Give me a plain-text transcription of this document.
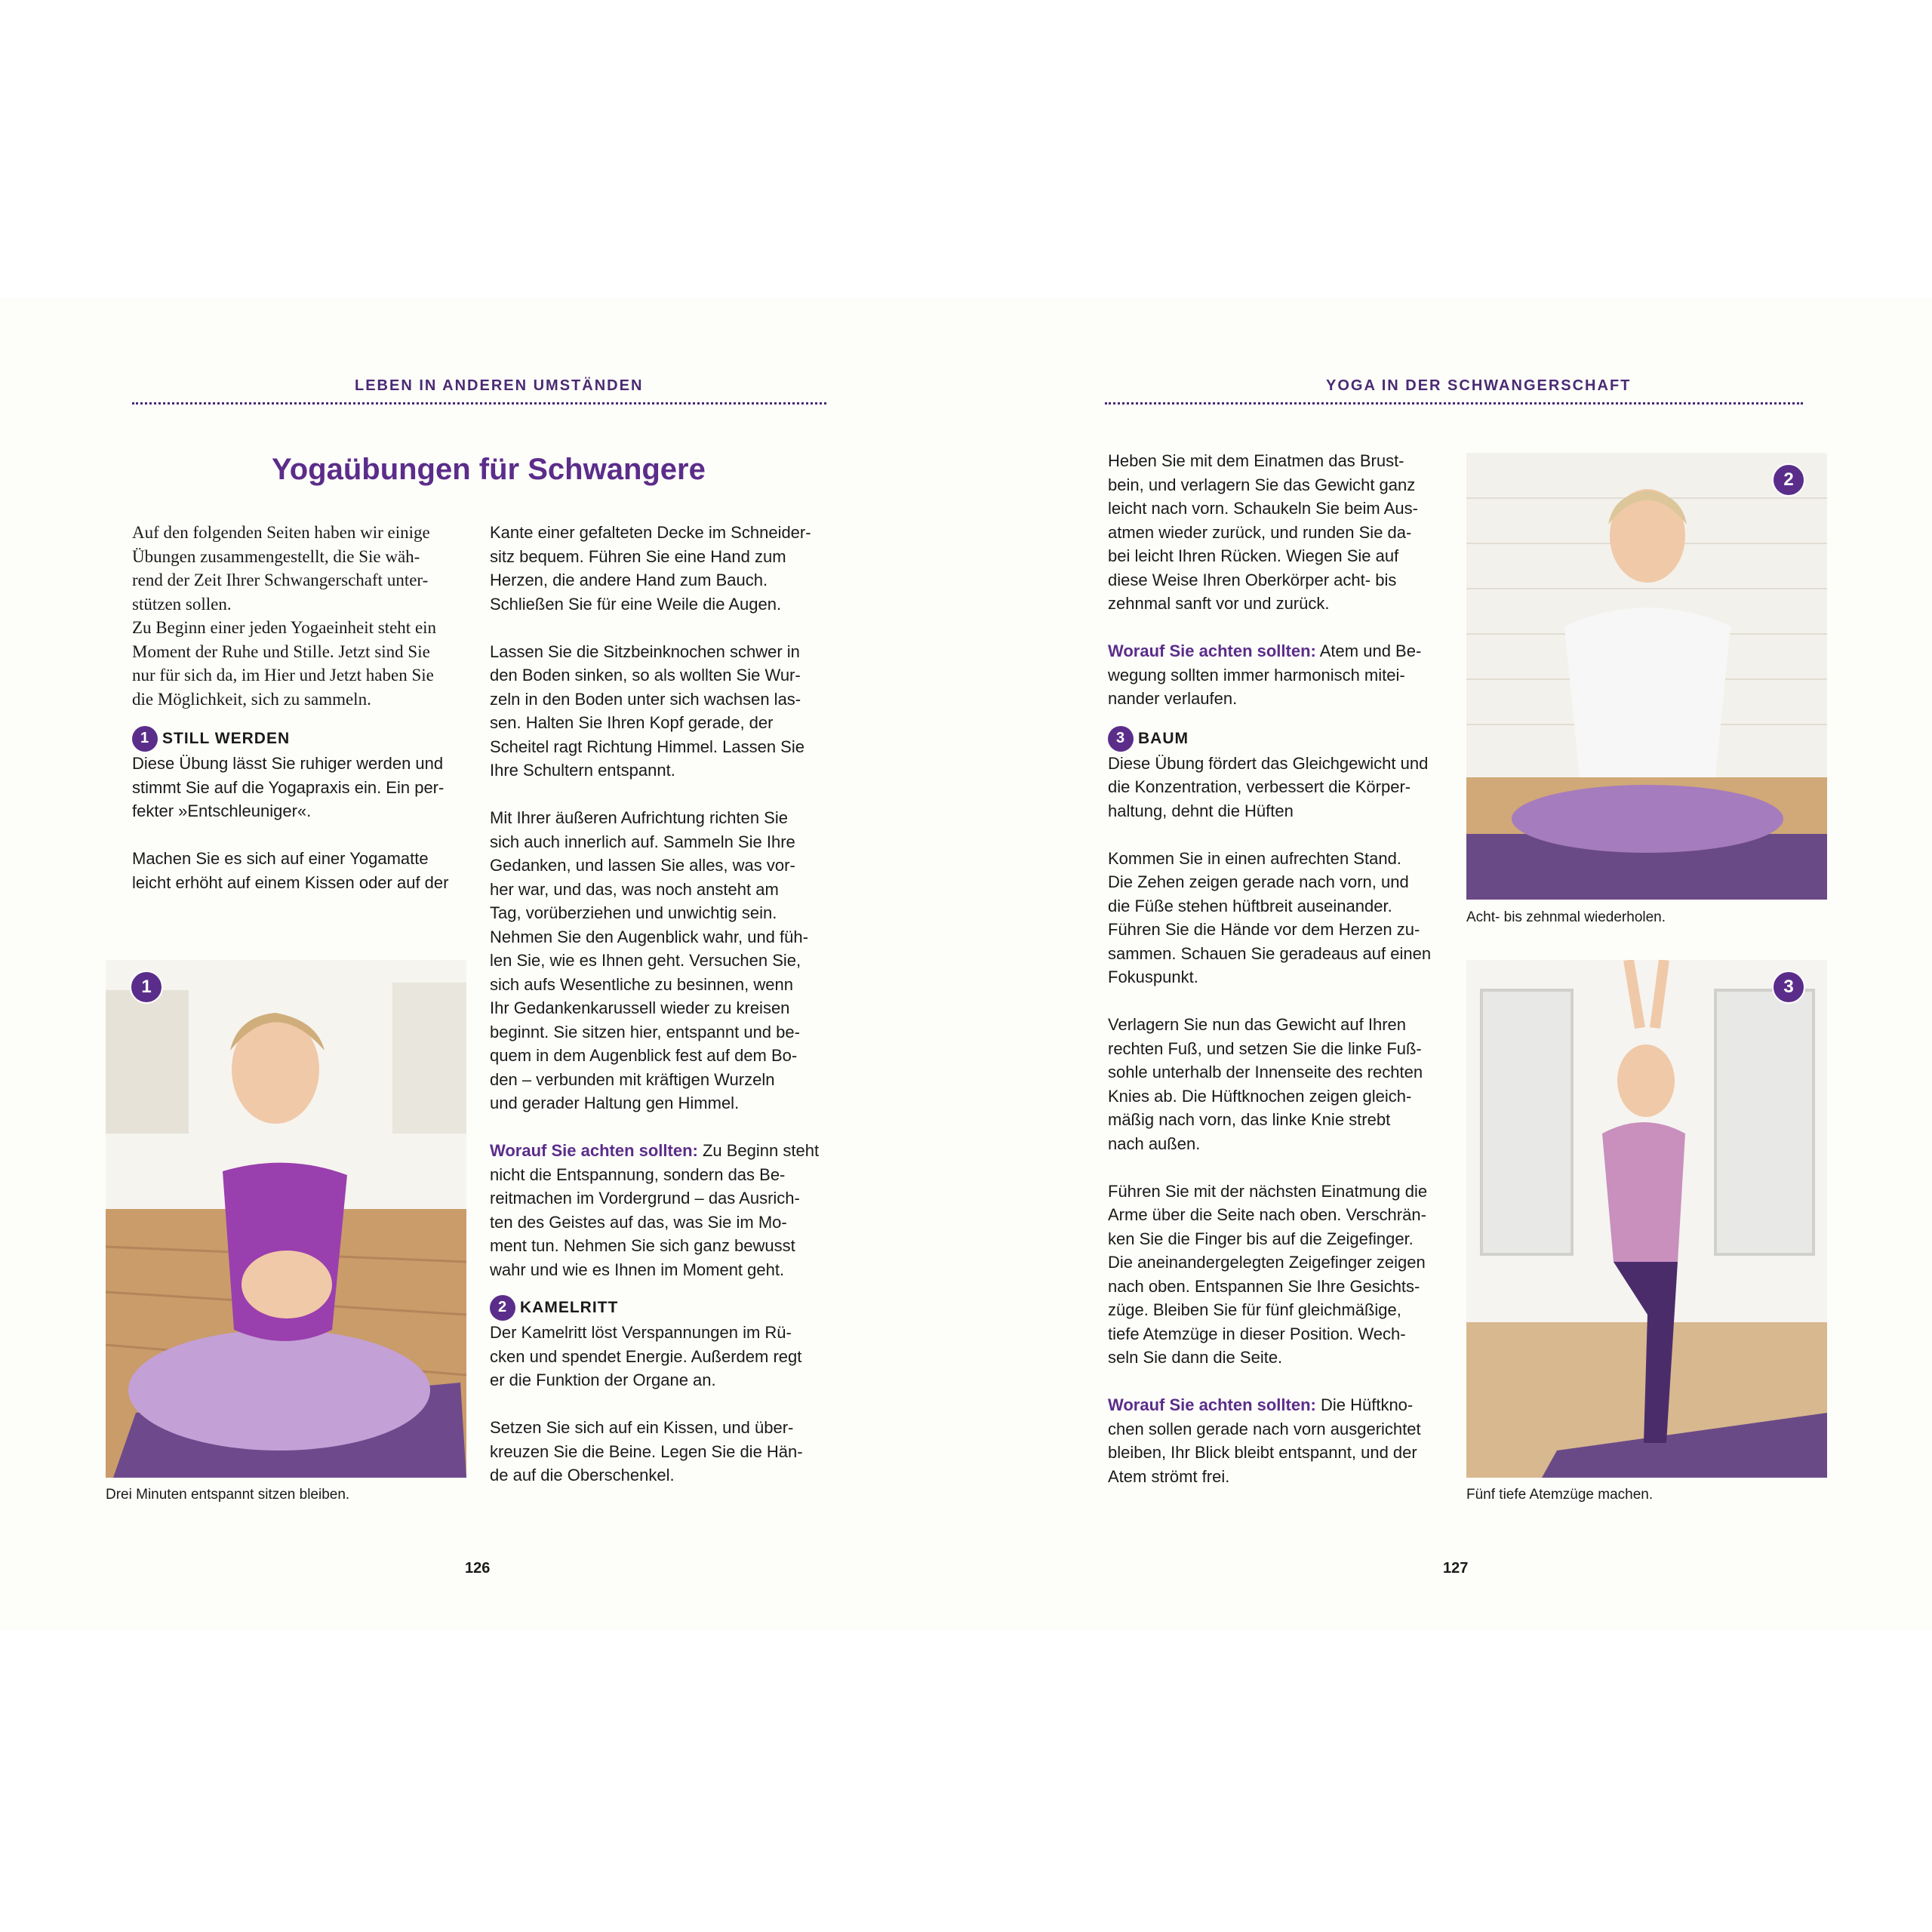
LEBEN IN ANDEREN UMSTÄNDEN
Yogaübungen für Schwangere

Auf den folgenden Seiten haben wir einige

Übungen zusammengestellt, die Sie wäh-

rend der Zeit Ihrer Schwangerschaft unter-

stützen sollen.

Zu Beginn einer jeden Yogaeinheit steht ein

Moment der Ruhe und Stille. Jetzt sind Sie

nur für sich da, im Hier und Jetzt haben Sie

die Möglichkeit, sich zu sammeln.

1 STILL WERDEN

Diese Übung lässt Sie ruhiger werden und

stimmt Sie auf die Yogapraxis ein. Ein per-

fekter »Entschleuniger«.

Machen Sie es sich auf einer Yogamatte

leicht erhöht auf einem Kissen oder auf der

Kante einer gefalteten Decke im Schneider-

sitz bequem. Führen Sie eine Hand zum

Herzen, die andere Hand zum Bauch.

Schließen Sie für eine Weile die Augen.

Lassen Sie die Sitzbeinknochen schwer in

den Boden sinken, so als wollten Sie Wur-

zeln in den Boden unter sich wachsen las-

sen. Halten Sie Ihren Kopf gerade, der

Scheitel ragt Richtung Himmel. Lassen Sie

Ihre Schultern entspannt.

Mit Ihrer äußeren Aufrichtung richten Sie

sich auch innerlich auf. Sammeln Sie Ihre

Gedanken, und lassen Sie alles, was vor-

her war, und das, was noch ansteht am

Tag, vorüberziehen und unwichtig sein.

Nehmen Sie den Augenblick wahr, und füh-

len Sie, wie es Ihnen geht. Versuchen Sie,

sich aufs Wesentliche zu besinnen, wenn

Ihr Gedankenkarussell wieder zu kreisen

beginnt. Sie sitzen hier, entspannt und be-

quem in dem Augenblick fest auf dem Bo-

den – verbunden mit kräftigen Wurzeln

und gerader Haltung gen Himmel.

Worauf Sie achten sollten: Zu Beginn steht

nicht die Entspannung, sondern das Be-

reitmachen im Vordergrund – das Ausrich-

ten des Geistes auf das, was Sie im Mo-

ment tun. Nehmen Sie sich ganz bewusst

wahr und wie es Ihnen im Moment geht.

2 KAMELRITT

Der Kamelritt löst Verspannungen im Rü-

cken und spendet Energie. Außerdem regt

er die Funktion der Organe an.

Setzen Sie sich auf ein Kissen, und über-

kreuzen Sie die Beine. Legen Sie die Hän-

de auf die Oberschenkel.

1
Drei Minuten entspannt sitzen bleiben.
126
YOGA IN DER SCHWANGERSCHAFT

Heben Sie mit dem Einatmen das Brust-

bein, und verlagern Sie das Gewicht ganz

leicht nach vorn. Schaukeln Sie beim Aus-

atmen wieder zurück, und runden Sie da-

bei leicht Ihren Rücken. Wiegen Sie auf

diese Weise Ihren Oberkörper acht- bis

zehnmal sanft vor und zurück.

Worauf Sie achten sollten: Atem und Be-

wegung sollten immer harmonisch mitei-

nander verlaufen.

3 BAUM

Diese Übung fördert das Gleichgewicht und

die Konzentration, verbessert die Körper-

haltung, dehnt die Hüften

Kommen Sie in einen aufrechten Stand.

Die Zehen zeigen gerade nach vorn, und

die Füße stehen hüftbreit auseinander.

Führen Sie die Hände vor dem Herzen zu-

sammen. Schauen Sie geradeaus auf einen

Fokuspunkt.

Verlagern Sie nun das Gewicht auf Ihren

rechten Fuß, und setzen Sie die linke Fuß-

sohle unterhalb der Innenseite des rechten

Knies ab. Die Hüftknochen zeigen gleich-

mäßig nach vorn, das linke Knie strebt

nach außen.

Führen Sie mit der nächsten Einatmung die

Arme über die Seite nach oben. Verschrän-

ken Sie die Finger bis auf die Zeigefinger.

Die aneinandergelegten Zeigefinger zeigen

nach oben. Entspannen Sie Ihre Gesichts-

züge. Bleiben Sie für fünf gleichmäßige,

tiefe Atemzüge in dieser Position. Wech-

seln Sie dann die Seite.

Worauf Sie achten sollten: Die Hüftkno-

chen sollen gerade nach vorn ausgerichtet

bleiben, Ihr Blick bleibt entspannt, und der

Atem strömt frei.

2
Acht- bis zehnmal wiederholen.
3
Fünf tiefe Atemzüge machen.
127
